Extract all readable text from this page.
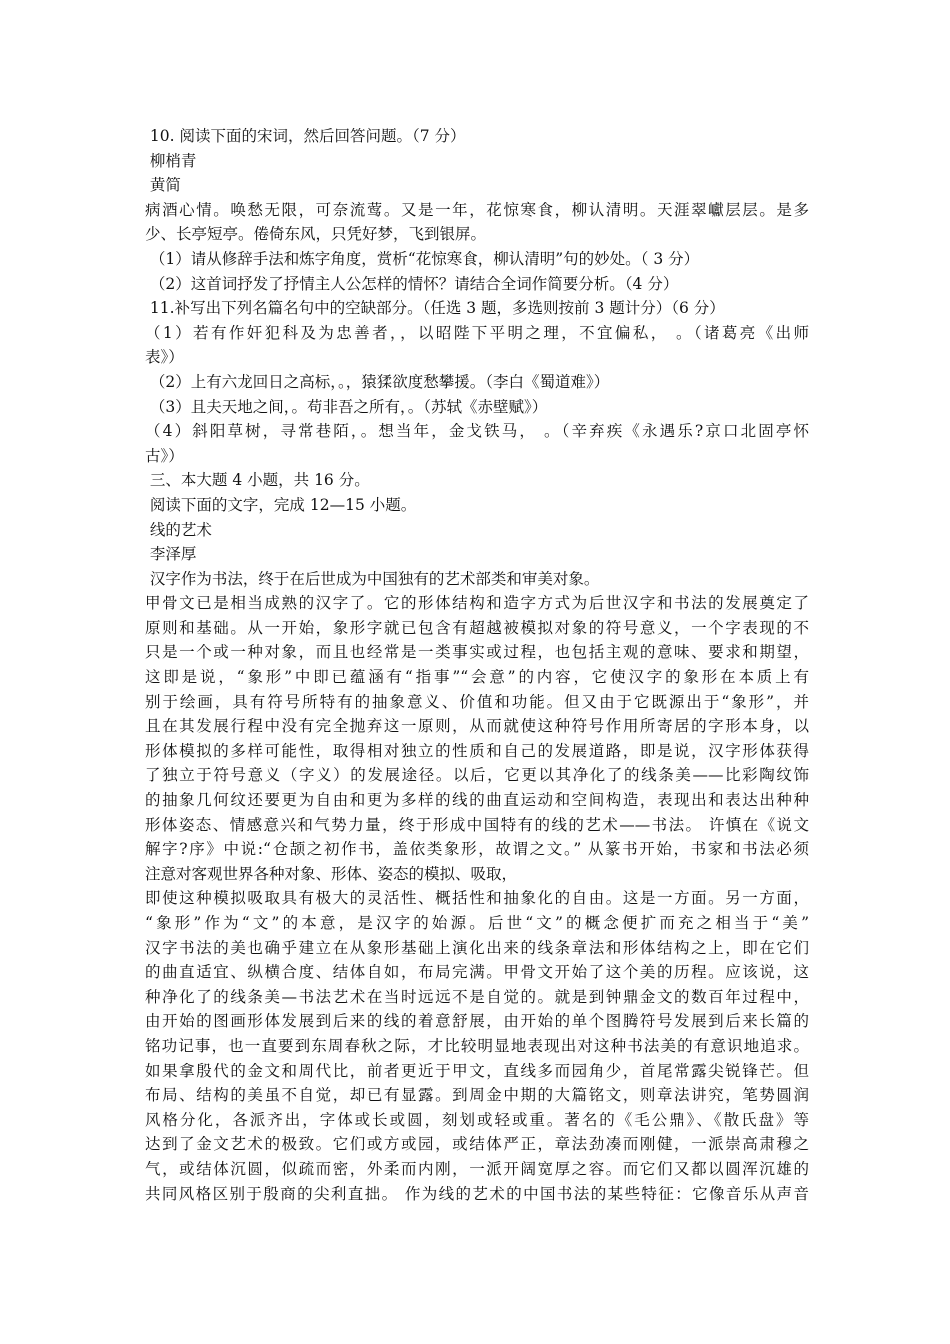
10. 阅读下面的宋词，然后回答问题。（7 分）
柳梢青
黄简
病酒心情。唤愁无限，可奈流莺。又是一年，花惊寒食，柳认清明。天涯翠巘层层。是多
少、长亭短亭。倦倚东风，只凭好梦，飞到银屏。
（1）请从修辞手法和炼字角度，赏析“花惊寒食，柳认清明”句的妙处。（ 3 分）
（2）这首词抒发了抒情主人公怎样的情怀？请结合全词作简要分析。（4 分）
11.补写出下列名篇名句中的空缺部分。（任选 3 题，多选则按前 3 题计分）（6 分）
（1）若有作奸犯科及为忠善者，，以昭陛下平明之理，不宜偏私， 。（诸葛亮《出师
表》）
（2）上有六龙回日之高标，。，猿猱欲度愁攀援。（李白《蜀道难》）
（3）且夫天地之间，。苟非吾之所有，。（苏轼《赤壁赋》）
（4）斜阳草树，寻常巷陌，。想当年，金戈铁马， 。（辛弃疾《永遇乐?京口北固亭怀
古》）
三、本大题 4 小题，共 16 分。
阅读下面的文字，完成 12—15 小题。
线的艺术
李泽厚
汉字作为书法，终于在后世成为中国独有的艺术部类和审美对象。
甲骨文已是相当成熟的汉字了。它的形体结构和造字方式为后世汉字和书法的发展奠定了
原则和基础。从一开始，象形字就已包含有超越被模拟对象的符号意义，一个字表现的不
只是一个或一种对象，而且也经常是一类事实或过程，也包括主观的意味、要求和期望，
这即是说，“象形”中即已蕴涵有“指事”“会意”的内容，它使汉字的象形在本质上有
别于绘画，具有符号所特有的抽象意义、价值和功能。但又由于它既源出于“象形”，并
且在其发展行程中没有完全抛弃这一原则，从而就使这种符号作用所寄居的字形本身，以
形体模拟的多样可能性，取得相对独立的性质和自己的发展道路，即是说，汉字形体获得
了独立于符号意义（字义）的发展途径。以后，它更以其净化了的线条美——比彩陶纹饰
的抽象几何纹还要更为自由和更为多样的线的曲直运动和空间构造，表现出和表达出种种
形体姿态、情感意兴和气势力量，终于形成中国特有的线的艺术——书法。 许慎在《说文
解字?序》中说:“仓颉之初作书，盖依类象形，故谓之文。” 从篆书开始，书家和书法必须
注意对客观世界各种对象、形体、姿态的模拟、吸取，
即使这种模拟吸取具有极大的灵活性、概括性和抽象化的自由。这是一方面。另一方面，
“象形”作为“文”的本意，是汉字的始源。后世“文”的概念便扩而充之相当于“美”
汉字书法的美也确乎建立在从象形基础上演化出来的线条章法和形体结构之上，即在它们
的曲直适宜、纵横合度、结体自如，布局完满。甲骨文开始了这个美的历程。应该说，这
种净化了的线条美—书法艺术在当时远远不是自觉的。就是到钟鼎金文的数百年过程中，
由开始的图画形体发展到后来的线的着意舒展，由开始的单个图腾符号发展到后来长篇的
铭功记事，也一直要到东周春秋之际，才比较明显地表现出对这种书法美的有意识地追求。
如果拿殷代的金文和周代比，前者更近于甲文，直线多而园角少，首尾常露尖锐锋芒。但
布局、结构的美虽不自觉，却已有显露。到周金中期的大篇铭文，则章法讲究，笔势圆润
风格分化，各派齐出，字体或长或圆，刻划或轻或重。著名的《毛公鼎》、《散氏盘》等
达到了金文艺术的极致。它们或方或园，或结体严正，章法劲凑而刚健，一派崇高肃穆之
气，或结体沉圆，似疏而密，外柔而内刚，一派开阔宽厚之容。而它们又都以圆浑沉雄的
共同风格区别于殷商的尖利直拙。 作为线的艺术的中国书法的某些特征：它像音乐从声音
